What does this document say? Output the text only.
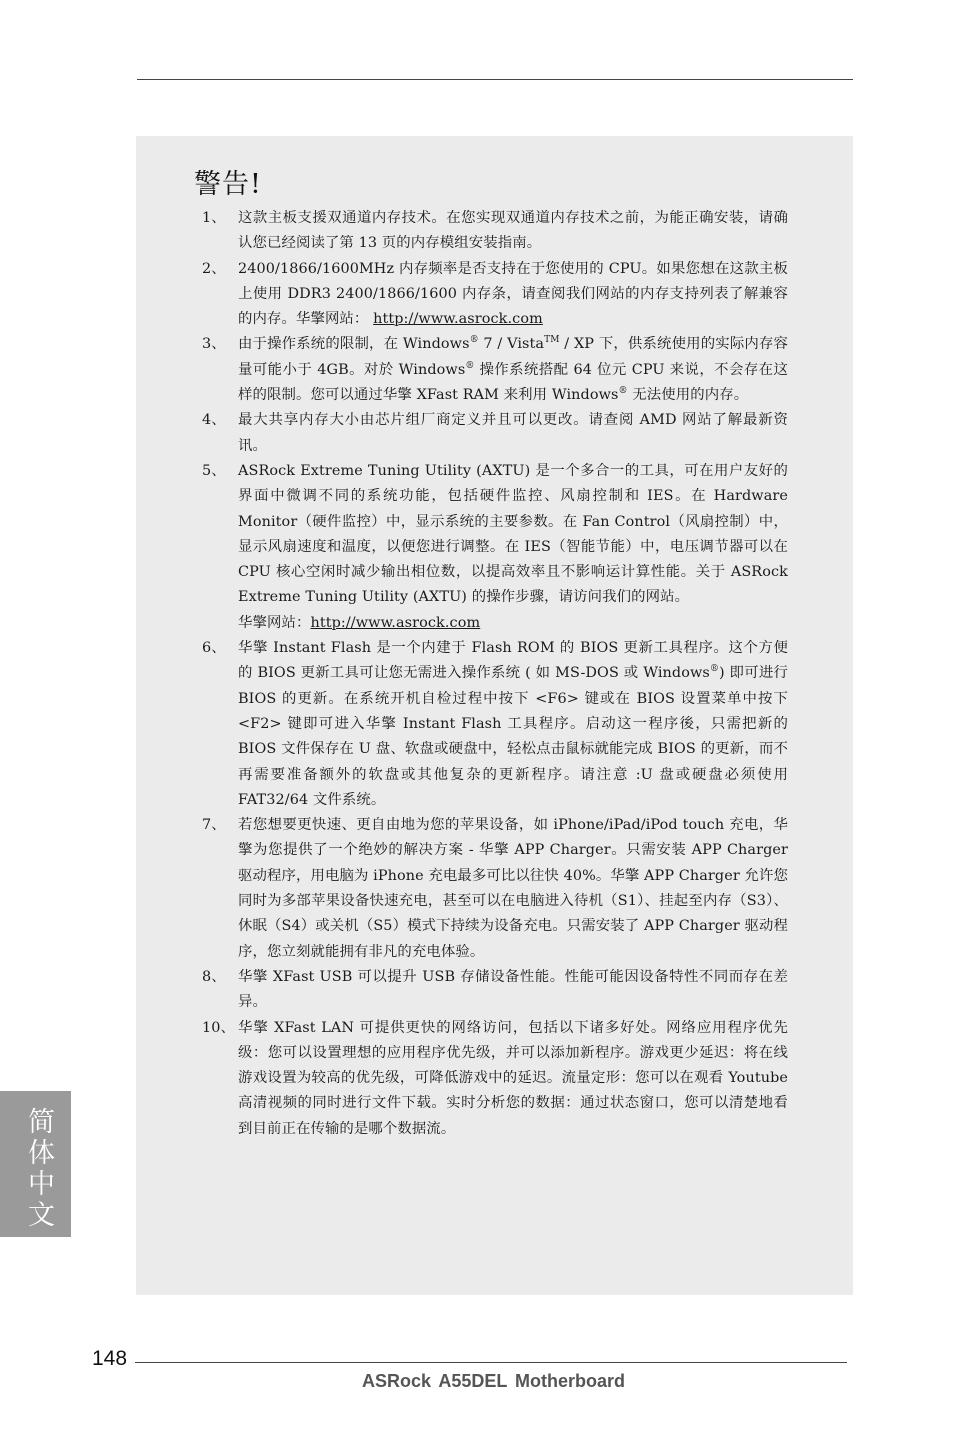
警告!
1、 这款主板支援双通道内存技术。在您实现双通道内存技术之前，为能正确安装，请确认您已经阅读了第 13 页的内存模组安装指南。
2、 2400/1866/1600MHz 内存频率是否支持在于您使用的 CPU。如果您想在这款主板上使用 DDR3 2400/1866/1600 内存条，请查阅我们网站的内存支持列表了解兼容的内存。华擎网站： http://www.asrock.com
3、 由于操作系统的限制，在 Windows® 7 / Vista™ / XP 下，供系统使用的实际内存容量可能小于 4GB。对於 Windows® 操作系统搭配 64 位元 CPU 来说，不会存在这样的限制。您可以通过华擎 XFast RAM 来利用 Windows® 无法使用的内存。
4、 最大共享内存大小由芯片组厂商定义并且可以更改。请查阅 AMD 网站了解最新资讯。
5、 ASRock Extreme Tuning Utility (AXTU) 是一个多合一的工具，可在用户友好的界面中微调不同的系统功能，包括硬件监控、风扇控制和 IES。在 Hardware Monitor（硬件监控）中，显示系统的主要参数。在 Fan Control（风扇控制）中，显示风扇速度和温度，以便您进行调整。在 IES（智能节能）中，电压调节器可以在 CPU 核心空闲时减少输出相位数，以提高效率且不影响运计算性能。关于 ASRock Extreme Tuning Utility (AXTU) 的操作步骤，请访问我们的网站。
华擎网站：http://www.asrock.com
6、 华擎 Instant Flash 是一个内建于 Flash ROM 的 BIOS 更新工具程序。这个方便的 BIOS 更新工具可让您无需进入操作系统 ( 如 MS-DOS 或 Windows®) 即可进行 BIOS 的更新。在系统开机自检过程中按下 <F6> 键或在 BIOS 设置菜单中按下 <F2> 键即可进入华擎 Instant Flash 工具程序。启动这一程序後，只需把新的 BIOS 文件保存在 U 盘、软盘或硬盘中，轻松点击鼠标就能完成 BIOS 的更新，而不再需要准备额外的软盘或其他复杂的更新程序。请注意 :U 盘或硬盘必须使用 FAT32/64 文件系统。
7、 若您想要更快速、更自由地为您的苹果设备，如 iPhone/iPad/iPod touch 充电，华擎为您提供了一个绝妙的解决方案 - 华擎 APP Charger。只需安装 APP Charger 驱动程序，用电脑为 iPhone 充电最多可比以往快 40%。华擎 APP Charger 允许您同时为多部苹果设备快速充电，甚至可以在电脑进入待机（S1）、挂起至内存（S3）、休眠（S4）或关机（S5）模式下持续为设备充电。只需安装了 APP Charger 驱动程序，您立刻就能拥有非凡的充电体验。
8、 华擎 XFast USB 可以提升 USB 存储设备性能。性能可能因设备特性不同而存在差异。
10、 华擎 XFast LAN 可提供更快的网络访问，包括以下诸多好处。网络应用程序优先级：您可以设置理想的应用程序优先级，并可以添加新程序。游戏更少延迟：将在线游戏设置为较高的优先级，可降低游戏中的延迟。流量定形：您可以在观看 Youtube 高清视频的同时进行文件下载。实时分析您的数据：通过状态窗口，您可以清楚地看到目前正在传输的是哪个数据流。
简体中文
148
ASRock A55DEL Motherboard
